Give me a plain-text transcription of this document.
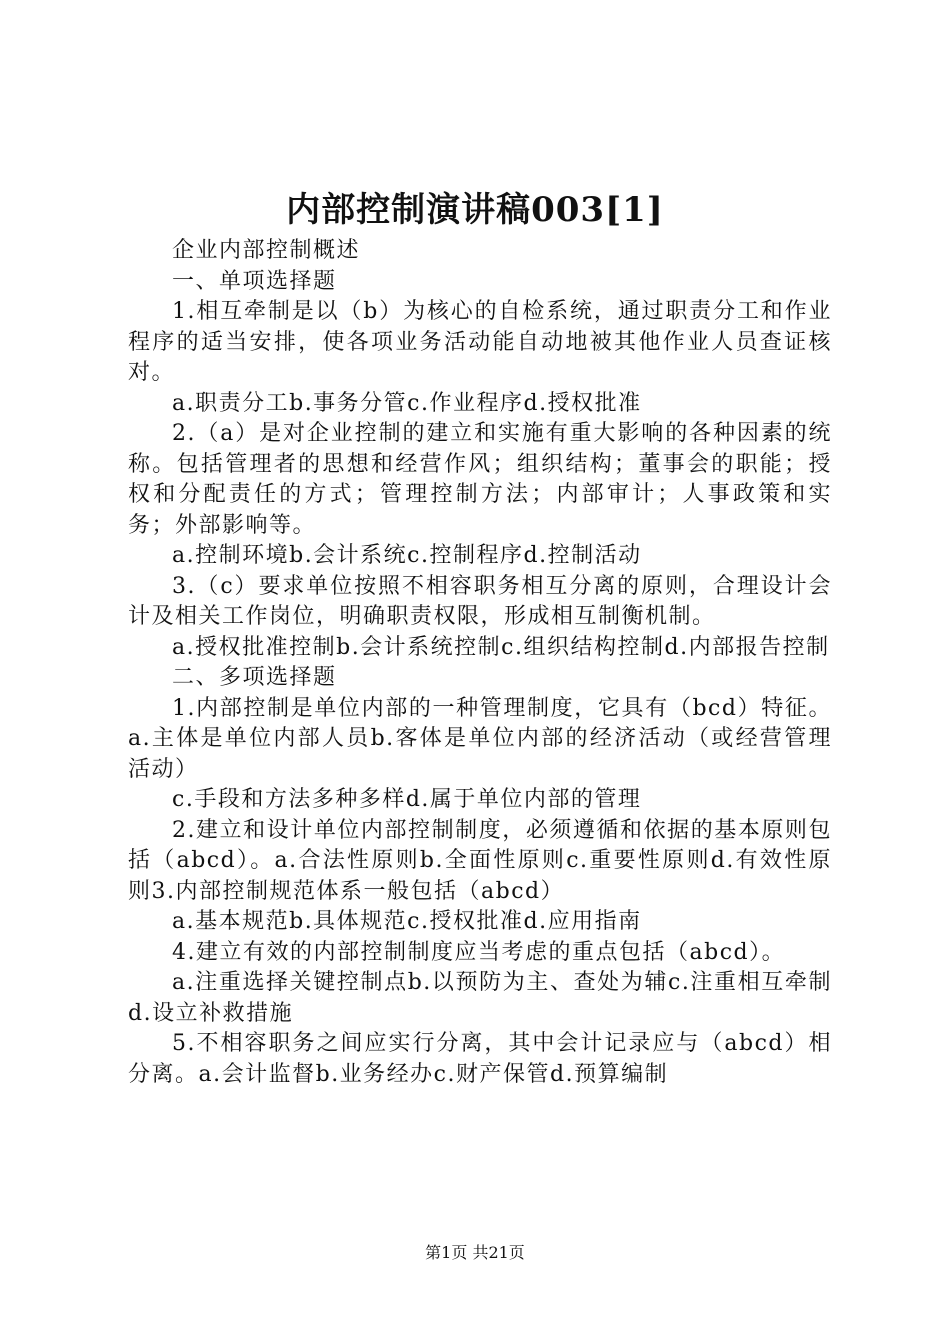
内部控制演讲稿003[1]

企业内部控制概述

一、单项选择题

1.相互牵制是以（b）为核心的自检系统，通过职责分工和作业程序的适当安排，使各项业务活动能自动地被其他作业人员查证核对。

a.职责分工b.事务分管c.作业程序d.授权批准

2.（a）是对企业控制的建立和实施有重大影响的各种因素的统称。包括管理者的思想和经营作风；组织结构；董事会的职能；授权和分配责任的方式；管理控制方法；内部审计；人事政策和实务；外部影响等。

a.控制环境b.会计系统c.控制程序d.控制活动

3.（c）要求单位按照不相容职务相互分离的原则，合理设计会计及相关工作岗位，明确职责权限，形成相互制衡机制。

a.授权批准控制b.会计系统控制c.组织结构控制d.内部报告控制

二、多项选择题

1.内部控制是单位内部的一种管理制度，它具有（bcd）特征。a.主体是单位内部人员b.客体是单位内部的经济活动（或经营管理活动）

c.手段和方法多种多样d.属于单位内部的管理

2.建立和设计单位内部控制制度，必须遵循和依据的基本原则包括（abcd）。a.合法性原则b.全面性原则c.重要性原则d.有效性原则3.内部控制规范体系一般包括（abcd）

a.基本规范b.具体规范c.授权批准d.应用指南

4.建立有效的内部控制制度应当考虑的重点包括（abcd）。

a.注重选择关键控制点b.以预防为主、查处为辅c.注重相互牵制d.设立补救措施

5.不相容职务之间应实行分离，其中会计记录应与（abcd）相分离。a.会计监督b.业务经办c.财产保管d.预算编制

第1页 共21页
